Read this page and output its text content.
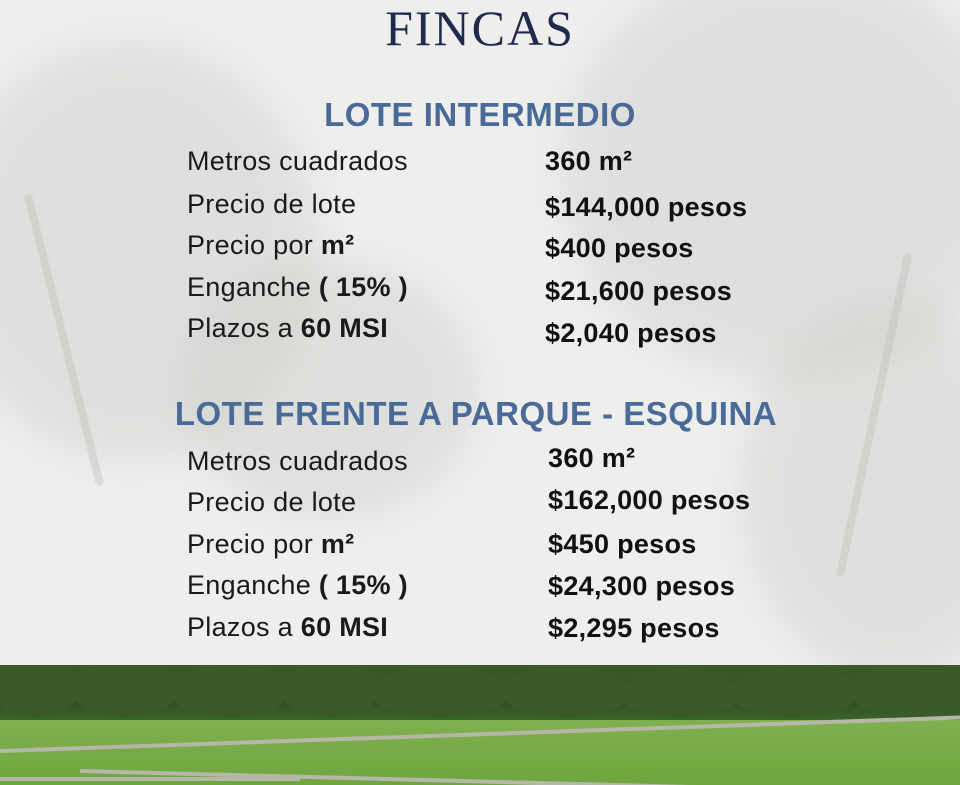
FINCAS
LOTE INTERMEDIO
Metros cuadrados	360 m²
Precio de lote	$144,000 pesos
Precio por m²	$400 pesos
Enganche ( 15% )	$21,600 pesos
Plazos a 60 MSI	$2,040 pesos
LOTE FRENTE A PARQUE - ESQUINA
Metros cuadrados	360 m²
Precio de lote	$162,000 pesos
Precio por m²	$450 pesos
Enganche ( 15% )	$24,300 pesos
Plazos a 60 MSI	$2,295 pesos
